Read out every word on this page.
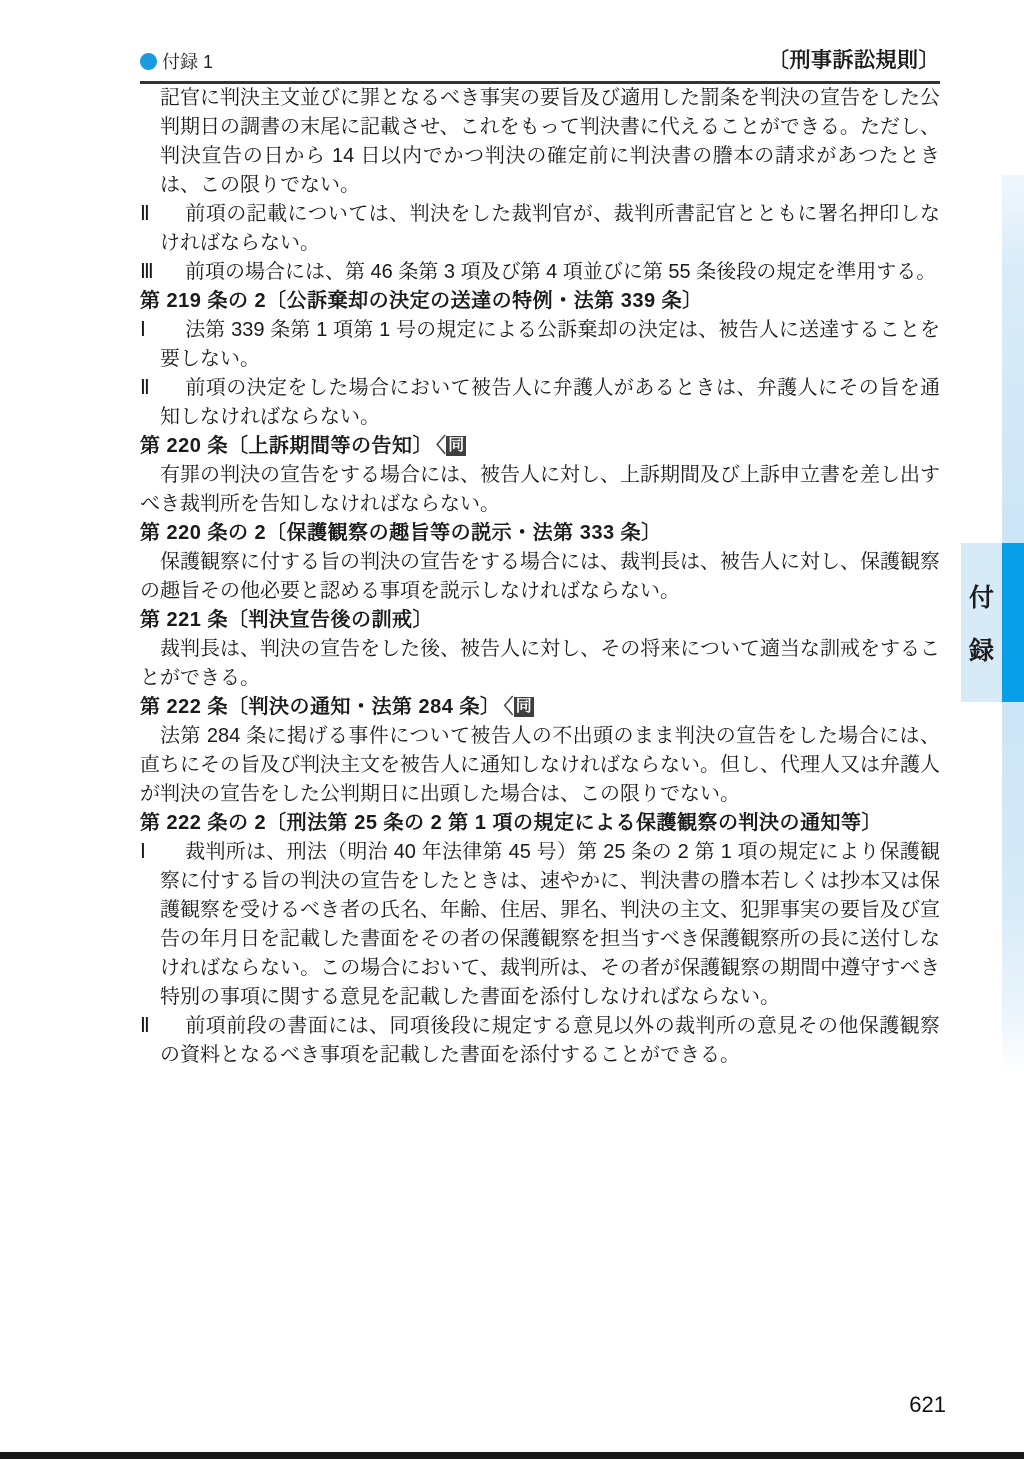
付録 1	〔刑事訴訟規則〕

記官に判決主文並びに罪となるべき事実の要旨及び適用した罰条を判決の宣告をした公判期日の調書の末尾に記載させ、これをもって判決書に代えることができる。ただし、判決宣告の日から 14 日以内でかつ判決の確定前に判決書の謄本の請求があつたときは、この限りでない。

Ⅱ 前項の記載については、判決をした裁判官が、裁判所書記官とともに署名押印しなければならない。

Ⅲ 前項の場合には、第 46 条第 3 項及び第 4 項並びに第 55 条後段の規定を準用する。

第 219 条の 2〔公訴棄却の決定の送達の特例・法第 339 条〕

Ⅰ 法第 339 条第 1 項第 1 号の規定による公訴棄却の決定は、被告人に送達することを要しない。

Ⅱ 前項の決定をした場合において被告人に弁護人があるときは、弁護人にその旨を通知しなければならない。

第 220 条〔上訴期間等の告知〕 〈 同

有罪の判決の宣告をする場合には、被告人に対し、上訴期間及び上訴申立書を差し出すべき裁判所を告知しなければならない。

第 220 条の 2〔保護観察の趣旨等の説示・法第 333 条〕

保護観察に付する旨の判決の宣告をする場合には、裁判長は、被告人に対し、保護観察の趣旨その他必要と認める事項を説示しなければならない。

第 221 条〔判決宣告後の訓戒〕

裁判長は、判決の宣告をした後、被告人に対し、その将来について適当な訓戒をすることができる。

第 222 条〔判決の通知・法第 284 条〕 〈 同

法第 284 条に掲げる事件について被告人の不出頭のまま判決の宣告をした場合には、直ちにその旨及び判決主文を被告人に通知しなければならない。但し、代理人又は弁護人が判決の宣告をした公判期日に出頭した場合は、この限りでない。

第 222 条の 2〔刑法第 25 条の 2 第 1 項の規定による保護観察の判決の通知等〕

Ⅰ 裁判所は、刑法（明治 40 年法律第 45 号）第 25 条の 2 第 1 項の規定により保護観察に付する旨の判決の宣告をしたときは、速やかに、判決書の謄本若しくは抄本又は保護観察を受けるべき者の氏名、年齢、住居、罪名、判決の主文、犯罪事実の要旨及び宣告の年月日を記載した書面をその者の保護観察を担当すべき保護観察所の長に送付しなければならない。この場合において、裁判所は、その者が保護観察の期間中遵守すべき特別の事項に関する意見を記載した書面を添付しなければならない。

Ⅱ 前項前段の書面には、同項後段に規定する意見以外の裁判所の意見その他保護観察の資料となるべき事項を記載した書面を添付することができる。

付
録
621
